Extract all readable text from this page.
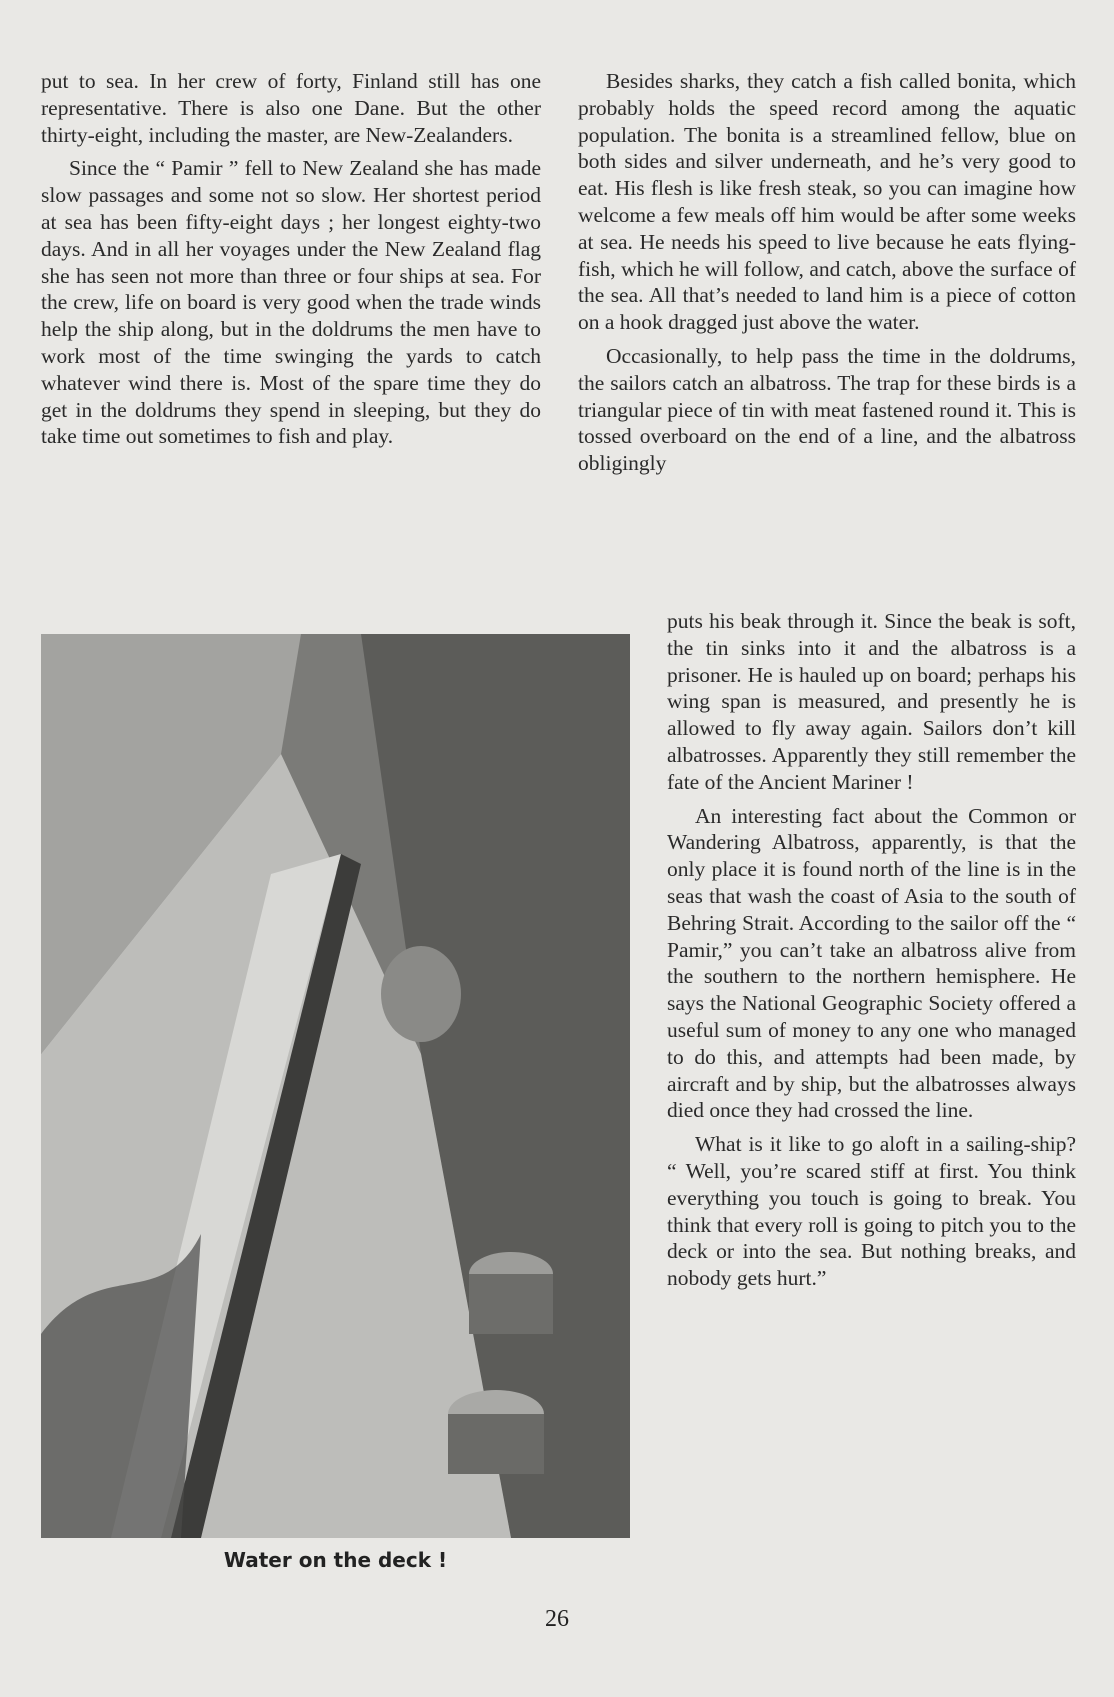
put to sea. In her crew of forty, Finland still has one representative. There is also one Dane. But the other thirty-eight, including the master, are New-Zealanders.

Since the “ Pamir ” fell to New Zealand she has made slow passages and some not so slow. Her shortest period at sea has been fifty-eight days ; her longest eighty-two days. And in all her voyages under the New Zealand flag she has seen not more than three or four ships at sea. For the crew, life on board is very good when the trade winds help the ship along, but in the doldrums the men have to work most of the time swinging the yards to catch whatever wind there is. Most of the spare time they do get in the doldrums they spend in sleeping, but they do take time out sometimes to fish and play.

Besides sharks, they catch a fish called bonita, which probably holds the speed record among the aquatic population. The bonita is a streamlined fellow, blue on both sides and silver underneath, and he’s very good to eat. His flesh is like fresh steak, so you can imagine how welcome a few meals off him would be after some weeks at sea. He needs his speed to live because he eats flying-fish, which he will follow, and catch, above the surface of the sea. All that’s needed to land him is a piece of cotton on a hook dragged just above the water.

Occasionally, to help pass the time in the doldrums, the sailors catch an albatross. The trap for these birds is a triangular piece of tin with meat fastened round it. This is tossed overboard on the end of a line, and the albatross obligingly

puts his beak through it. Since the beak is soft, the tin sinks into it and the albatross is a prisoner. He is hauled up on board; perhaps his wing span is measured, and presently he is allowed to fly away again. Sailors don’t kill albatrosses. Apparently they still remember the fate of the Ancient Mariner !

An interesting fact about the Common or Wandering Albatross, apparently, is that the only place it is found north of the line is in the seas that wash the coast of Asia to the south of Behring Strait. According to the sailor off the “ Pamir,” you can’t take an albatross alive from the southern to the northern hemisphere. He says the National Geographic Society offered a useful sum of money to any one who managed to do this, and attempts had been made, by aircraft and by ship, but the albatrosses always died once they had crossed the line.

What is it like to go aloft in a sailing-ship? “ Well, you’re scared stiff at first. You think everything you touch is going to break. You think that every roll is going to pitch you to the deck or into the sea. But nothing breaks, and nobody gets hurt.”

Water on the deck !
26
